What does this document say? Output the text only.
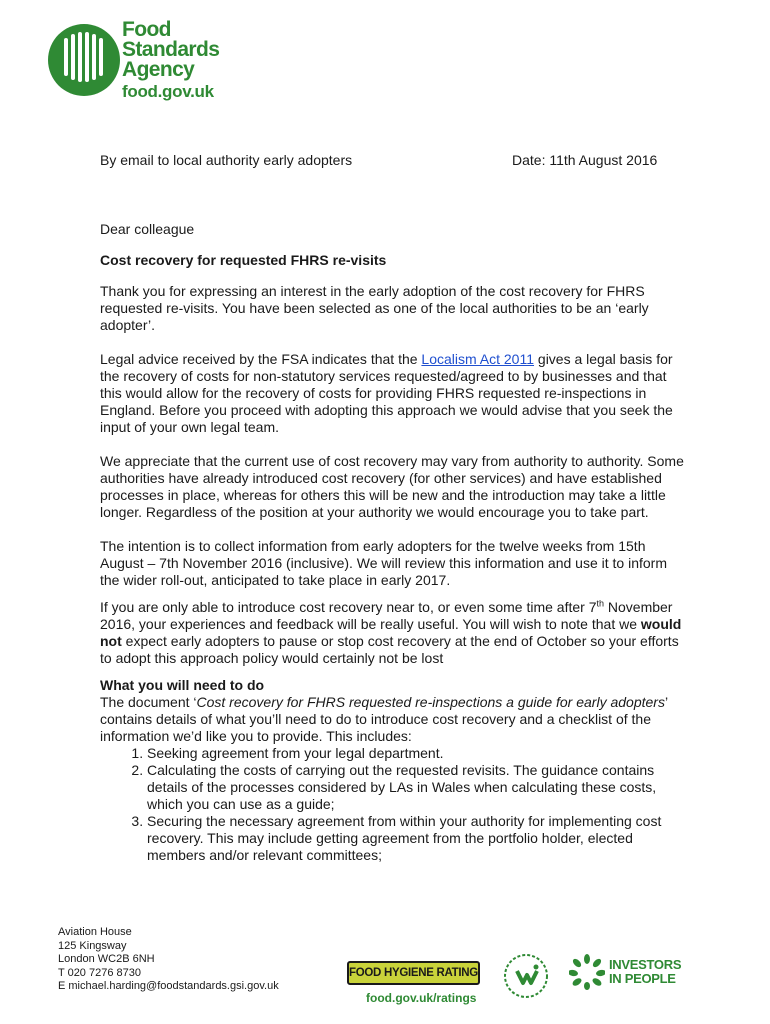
Food
Standards
Agency
food.gov.uk
By email to local authority early adopters	Date: 11th August 2016

Dear colleague

Cost recovery for requested FHRS re-visits

Thank you for expressing an interest in the early adoption of the cost recovery for FHRS requested re-visits. You have been selected as one of the local authorities to be an ‘early adopter’.

Legal advice received by the FSA indicates that the Localism Act 2011 gives a legal basis for the recovery of costs for non-statutory services requested/agreed to by businesses and that this would allow for the recovery of costs for providing FHRS requested re-inspections in England. Before you proceed with adopting this approach we would advise that you seek the input of your own legal team.

We appreciate that the current use of cost recovery may vary from authority to authority. Some authorities have already introduced cost recovery (for other services) and have established processes in place, whereas for others this will be new and the introduction may take a little longer. Regardless of the position at your authority we would encourage you to take part.

The intention is to collect information from early adopters for the twelve weeks from 15th August – 7th November 2016 (inclusive). We will review this information and use it to inform the wider roll-out, anticipated to take place in early 2017.

If you are only able to introduce cost recovery near to, or even some time after 7th November 2016, your experiences and feedback will be really useful. You will wish to note that we would not expect early adopters to pause or stop cost recovery at the end of October so your efforts to adopt this approach policy would certainly not be lost

What you will need to do
The document ‘Cost recovery for FHRS requested re-inspections a guide for early adopters’ contains details of what you’ll need to do to introduce cost recovery and a checklist of the information we’d like you to provide. This includes:
1. Seeking agreement from your legal department.
2. Calculating the costs of carrying out the requested revisits. The guidance contains details of the processes considered by LAs in Wales when calculating these costs, which you can use as a guide;
3. Securing the necessary agreement from within your authority for implementing cost recovery. This may include getting agreement from the portfolio holder, elected members and/or relevant committees;
Aviation House
125 Kingsway
London WC2B 6NH
T 020 7276 8730
E michael.harding@foodstandards.gsi.gov.uk
FOOD HYGIENE RATING
food.gov.uk/ratings
INVESTORS
IN PEOPLE
